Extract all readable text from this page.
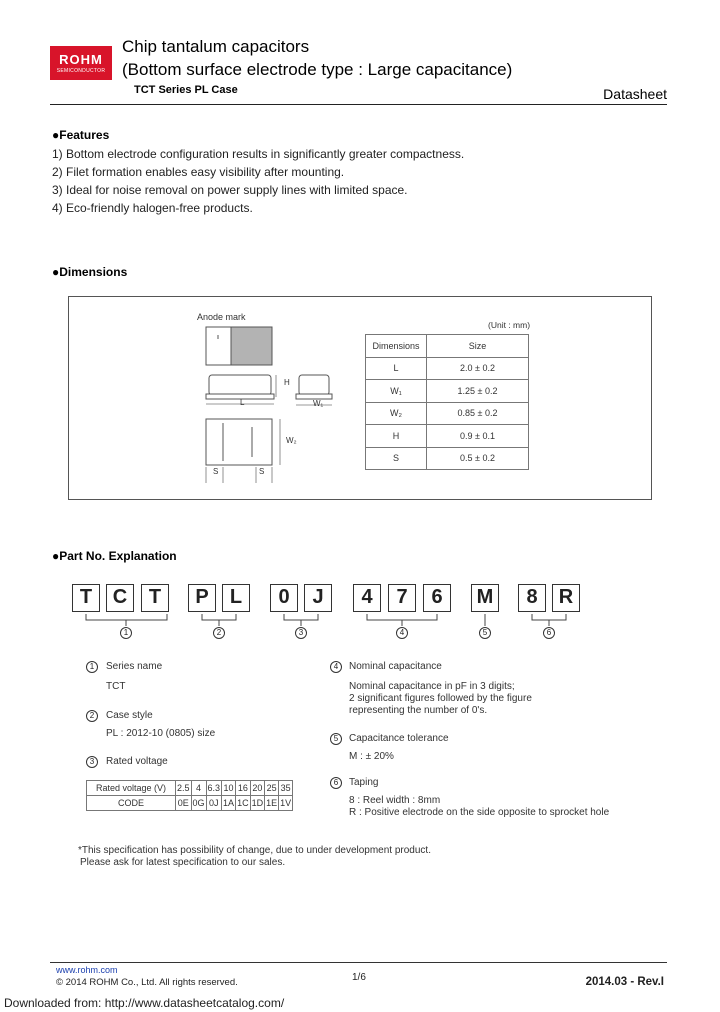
ROHM
SEMICONDUCTOR
Chip tantalum capacitors
(Bottom surface electrode type : Large capacitance)
TCT Series PL Case	Datasheet
●Features
1) Bottom electrode configuration results in significantly greater compactness.
2) Filet formation enables easy visibility after mounting.
3) Ideal for noise removal on power supply lines with limited space.
4) Eco-friendly halogen-free products.
●Dimensions
Anode mark
L
H
W₁
W₂
S	S
(Unit : mm)
Dimensions	Size
L	2.0 ± 0.2
W₁	1.25 ± 0.2
W₂	0.85 ± 0.2
H	0.9 ± 0.1
S	0.5 ± 0.2
●Part No. Explanation
T	C	T	P	L	0	J	4	7	6	M	8	R
1	2	3	4	5	6
1	Series name
TCT
2	Case style
PL : 2012-10 (0805) size
3	Rated voltage
Rated voltage (V)	2.5	4	6.3	10	16	20	25	35
CODE	0E	0G	0J	1A	1C	1D	1E	1V
4	Nominal capacitance
Nominal capacitance in pF in 3 digits;
2 significant figures followed by the figure
representing the number of 0's.
5	Capacitance tolerance
M : ± 20%
6	Taping
8 : Reel width : 8mm
R : Positive electrode on the side opposite to sprocket hole
*This specification has possibility of change, due to under development product.
Please ask for latest specification to our sales.
www.rohm.com
© 2014 ROHM Co., Ltd. All rights reserved.	1/6	2014.03 - Rev.I
Downloaded from: http://www.datasheetcatalog.com/
